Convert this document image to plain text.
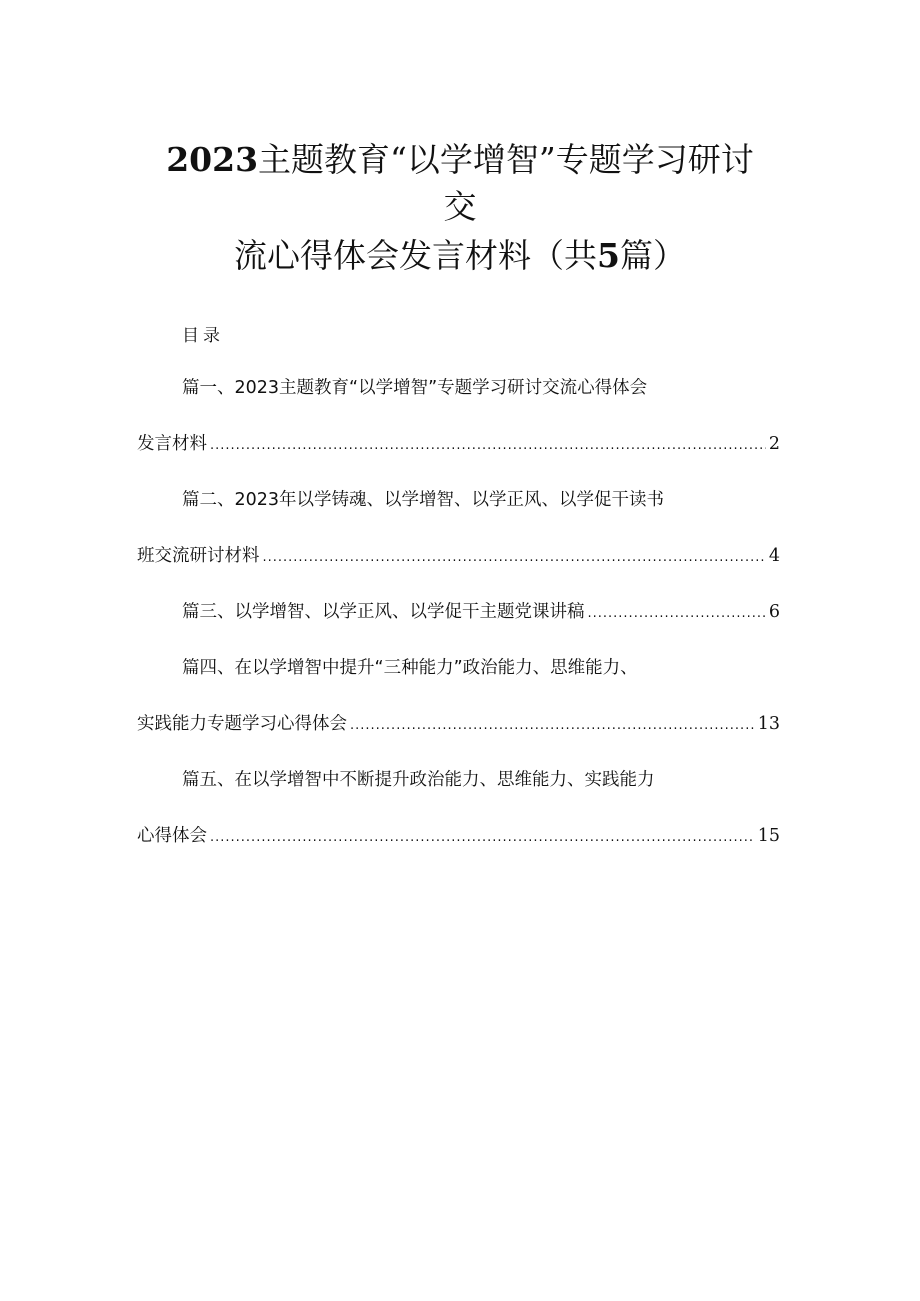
2023主题教育“以学增智”专题学习研讨
交
流心得体会发言材料（共5篇）
目录
篇一、2023主题教育“以学增智”专题学习研讨交流心得体会
发言材料 .....	2
篇二、2023年以学铸魂、以学增智、以学正风、以学促干读书
班交流研讨材料 .....	4
篇三、以学增智、以学正风、以学促干主题党课讲稿 .....	6
篇四、在以学增智中提升“三种能力”政治能力、思维能力、
实践能力专题学习心得体会 .....	13
篇五、在以学增智中不断提升政治能力、思维能力、实践能力
心得体会 .....	15
